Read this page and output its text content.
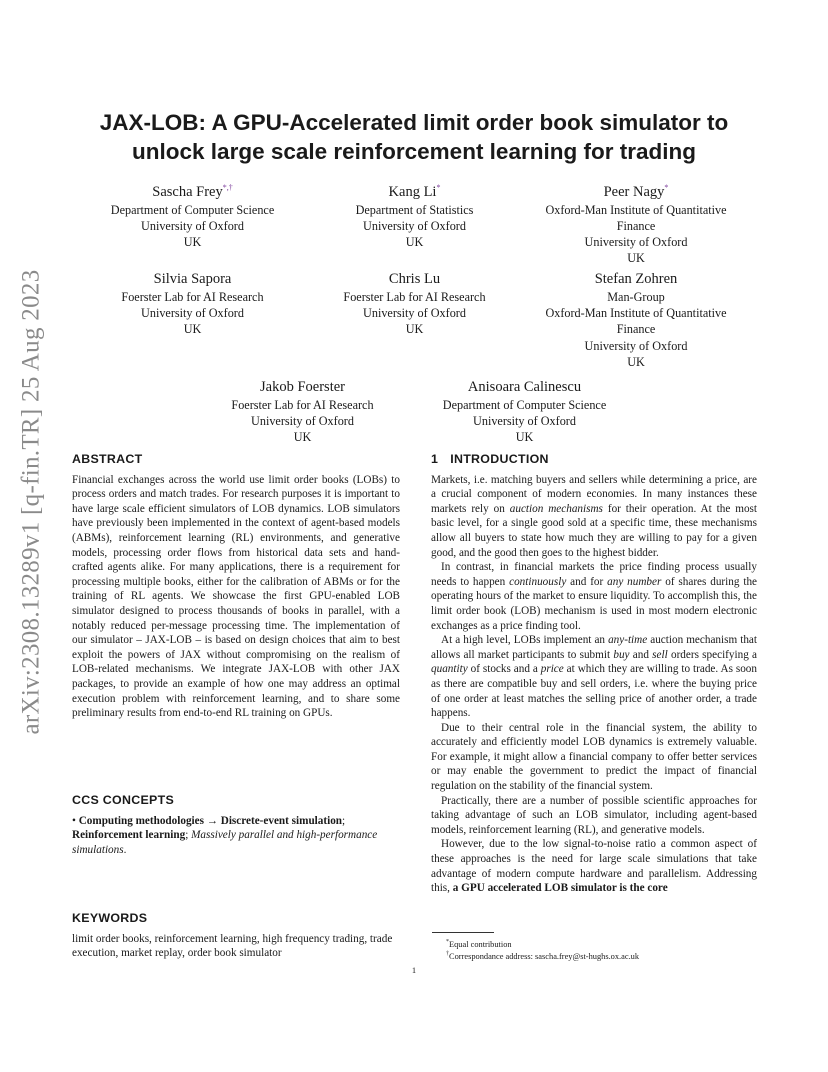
arXiv:2308.13289v1 [q-fin.TR] 25 Aug 2023
JAX-LOB: A GPU-Accelerated limit order book simulator to
unlock large scale reinforcement learning for trading
Sascha Frey*,†
Department of Computer Science
University of Oxford
UK
Kang Li*
Department of Statistics
University of Oxford
UK
Peer Nagy*
Oxford-Man Institute of Quantitative
Finance
University of Oxford
UK
Silvia Sapora
Foerster Lab for AI Research
University of Oxford
UK
Chris Lu
Foerster Lab for AI Research
University of Oxford
UK
Stefan Zohren
Man-Group
Oxford-Man Institute of Quantitative
Finance
University of Oxford
UK
Jakob Foerster
Foerster Lab for AI Research
University of Oxford
UK
Anisoara Calinescu
Department of Computer Science
University of Oxford
UK
ABSTRACT

Financial exchanges across the world use limit order books (LOBs) to process orders and match trades. For research purposes it is important to have large scale efficient simulators of LOB dynamics. LOB simulators have previously been implemented in the context of agent-based models (ABMs), reinforcement learning (RL) environments, and generative models, processing order flows from historical data sets and hand-crafted agents alike. For many applications, there is a requirement for processing multiple books, either for the calibration of ABMs or for the training of RL agents. We showcase the first GPU-enabled LOB simulator designed to process thousands of books in parallel, with a notably reduced per-message processing time. The implementation of our simulator – JAX-LOB – is based on design choices that aim to best exploit the powers of JAX without compromising on the realism of LOB-related mechanisms. We integrate JAX-LOB with other JAX packages, to provide an example of how one may address an optimal execution problem with reinforcement learning, and to share some preliminary results from end-to-end RL training on GPUs.

CCS CONCEPTS

• Computing methodologies → Discrete-event simulation; Reinforcement learning; Massively parallel and high-performance simulations.

KEYWORDS

limit order books, reinforcement learning, high frequency trading, trade execution, market replay, order book simulator

1 INTRODUCTION

Markets, i.e. matching buyers and sellers while determining a price, are a crucial component of modern economies. In many instances these markets rely on auction mechanisms for their operation. At the most basic level, for a single good sold at a specific time, these mechanisms allow all buyers to state how much they are willing to pay for a given good, and the good then goes to the highest bidder.

In contrast, in financial markets the price finding process usually needs to happen continuously and for any number of shares during the operating hours of the market to ensure liquidity. To accomplish this, the limit order book (LOB) mechanism is used in most modern electronic exchanges as a price finding tool.

At a high level, LOBs implement an any-time auction mechanism that allows all market participants to submit buy and sell orders specifying a quantity of stocks and a price at which they are willing to trade. As soon as there are compatible buy and sell orders, i.e. where the buying price of one order at least matches the selling price of another order, a trade happens.

Due to their central role in the financial system, the ability to accurately and efficiently model LOB dynamics is extremely valuable. For example, it might allow a financial company to offer better services or may enable the government to predict the impact of financial regulation on the stability of the financial system.

Practically, there are a number of possible scientific approaches for taking advantage of such an LOB simulator, including agent-based models, reinforcement learning (RL), and generative models.

However, due to the low signal-to-noise ratio a common aspect of these approaches is the need for large scale simulations that take advantage of modern compute hardware and parallelism. Addressing this, a GPU accelerated LOB simulator is the core

*Equal contribution
†Correspondance address: sascha.frey@st-hughs.ox.ac.uk
1
